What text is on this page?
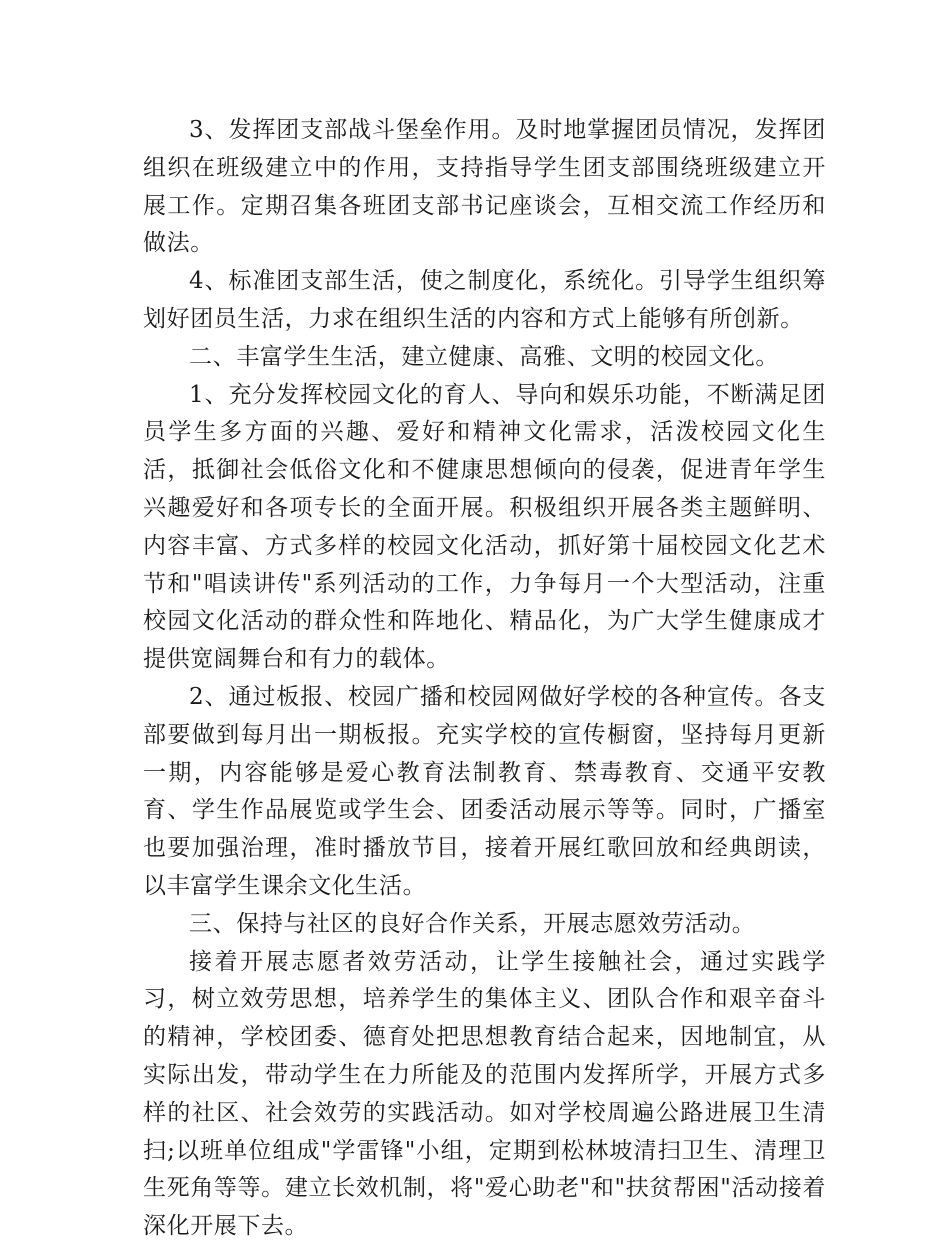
3、发挥团支部战斗堡垒作用。及时地掌握团员情况，发挥团组织在班级建立中的作用，支持指导学生团支部围绕班级建立开展工作。定期召集各班团支部书记座谈会，互相交流工作经历和做法。

4、标准团支部生活，使之制度化，系统化。引导学生组织筹划好团员生活，力求在组织生活的内容和方式上能够有所创新。

二、丰富学生生活，建立健康、高雅、文明的校园文化。

1、充分发挥校园文化的育人、导向和娱乐功能，不断满足团员学生多方面的兴趣、爱好和精神文化需求，活泼校园文化生活，抵御社会低俗文化和不健康思想倾向的侵袭，促进青年学生兴趣爱好和各项专长的全面开展。积极组织开展各类主题鲜明、内容丰富、方式多样的校园文化活动，抓好第十届校园文化艺术节和"唱读讲传"系列活动的工作，力争每月一个大型活动，注重校园文化活动的群众性和阵地化、精品化，为广大学生健康成才提供宽阔舞台和有力的载体。

2、通过板报、校园广播和校园网做好学校的各种宣传。各支部要做到每月出一期板报。充实学校的宣传橱窗，坚持每月更新一期，内容能够是爱心教育法制教育、禁毒教育、交通平安教育、学生作品展览或学生会、团委活动展示等等。同时，广播室也要加强治理，准时播放节目，接着开展红歌回放和经典朗读，以丰富学生课余文化生活。

三、保持与社区的良好合作关系，开展志愿效劳活动。

接着开展志愿者效劳活动，让学生接触社会，通过实践学习，树立效劳思想，培养学生的集体主义、团队合作和艰辛奋斗的精神，学校团委、德育处把思想教育结合起来，因地制宜，从实际出发，带动学生在力所能及的范围内发挥所学，开展方式多样的社区、社会效劳的实践活动。如对学校周遍公路进展卫生清扫;以班单位组成"学雷锋"小组，定期到松林坡清扫卫生、清理卫生死角等等。建立长效机制，将"爱心助老"和"扶贫帮困"活动接着深化开展下去。
